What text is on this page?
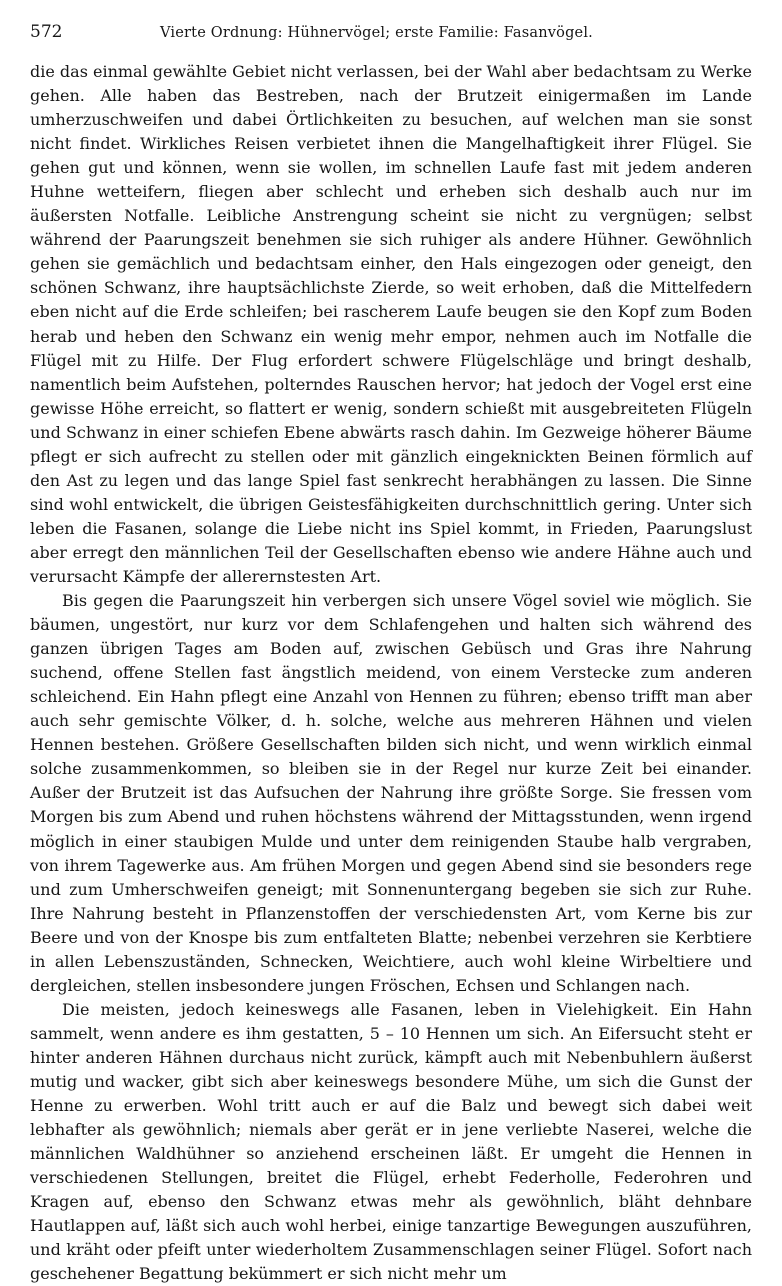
572	Vierte Ordnung: Hühnervögel; erste Familie: Fasanvögel.

die das einmal gewählte Gebiet nicht verlassen, bei der Wahl aber bedachtsam zu Werke gehen. Alle haben das Bestreben, nach der Brutzeit einigermaßen im Lande umherzuschweifen und dabei Örtlichkeiten zu besuchen, auf welchen man sie sonst nicht findet. Wirkliches Reisen verbietet ihnen die Mangelhaftigkeit ihrer Flügel. Sie gehen gut und können, wenn sie wollen, im schnellen Laufe fast mit jedem anderen Huhne wetteifern, fliegen aber schlecht und erheben sich deshalb auch nur im äußersten Notfalle. Leibliche Anstrengung scheint sie nicht zu vergnügen; selbst während der Paarungszeit benehmen sie sich ruhiger als andere Hühner. Gewöhnlich gehen sie gemächlich und bedachtsam einher, den Hals eingezogen oder geneigt, den schönen Schwanz, ihre hauptsächlichste Zierde, so weit erhoben, daß die Mittelfedern eben nicht auf die Erde schleifen; bei rascherem Laufe beugen sie den Kopf zum Boden herab und heben den Schwanz ein wenig mehr empor, nehmen auch im Notfalle die Flügel mit zu Hilfe. Der Flug erfordert schwere Flügelschläge und bringt deshalb, namentlich beim Aufstehen, polterndes Rauschen hervor; hat jedoch der Vogel erst eine gewisse Höhe erreicht, so flattert er wenig, sondern schießt mit ausgebreiteten Flügeln und Schwanz in einer schiefen Ebene abwärts rasch dahin. Im Gezweige höherer Bäume pflegt er sich aufrecht zu stellen oder mit gänzlich eingeknickten Beinen förmlich auf den Ast zu legen und das lange Spiel fast senkrecht herabhängen zu lassen. Die Sinne sind wohl entwickelt, die übrigen Geistesfähigkeiten durchschnittlich gering. Unter sich leben die Fasanen, solange die Liebe nicht ins Spiel kommt, in Frieden, Paarungslust aber erregt den männlichen Teil der Gesellschaften ebenso wie andere Hähne auch und verursacht Kämpfe der allerernstesten Art.

Bis gegen die Paarungszeit hin verbergen sich unsere Vögel soviel wie möglich. Sie bäumen, ungestört, nur kurz vor dem Schlafengehen und halten sich während des ganzen übrigen Tages am Boden auf, zwischen Gebüsch und Gras ihre Nahrung suchend, offene Stellen fast ängstlich meidend, von einem Verstecke zum anderen schleichend. Ein Hahn pflegt eine Anzahl von Hennen zu führen; ebenso trifft man aber auch sehr gemischte Völker, d. h. solche, welche aus mehreren Hähnen und vielen Hennen bestehen. Größere Gesellschaften bilden sich nicht, und wenn wirklich einmal solche zusammenkommen, so bleiben sie in der Regel nur kurze Zeit bei einander. Außer der Brutzeit ist das Aufsuchen der Nahrung ihre größte Sorge. Sie fressen vom Morgen bis zum Abend und ruhen höchstens während der Mittagsstunden, wenn irgend möglich in einer staubigen Mulde und unter dem reinigenden Staube halb vergraben, von ihrem Tagewerke aus. Am frühen Morgen und gegen Abend sind sie besonders rege und zum Umherschweifen geneigt; mit Sonnenuntergang begeben sie sich zur Ruhe. Ihre Nahrung besteht in Pflanzenstoffen der verschiedensten Art, vom Kerne bis zur Beere und von der Knospe bis zum entfalteten Blatte; nebenbei verzehren sie Kerbtiere in allen Lebenszuständen, Schnecken, Weichtiere, auch wohl kleine Wirbeltiere und dergleichen, stellen insbesondere jungen Fröschen, Echsen und Schlangen nach.

Die meisten, jedoch keineswegs alle Fasanen, leben in Vielehigkeit. Ein Hahn sammelt, wenn andere es ihm gestatten, 5 – 10 Hennen um sich. An Eifersucht steht er hinter anderen Hähnen durchaus nicht zurück, kämpft auch mit Nebenbuhlern äußerst mutig und wacker, gibt sich aber keineswegs besondere Mühe, um sich die Gunst der Henne zu erwerben. Wohl tritt auch er auf die Balz und bewegt sich dabei weit lebhafter als gewöhnlich; niemals aber gerät er in jene verliebte Naserei, welche die männlichen Waldhühner so anziehend erscheinen läßt. Er umgeht die Hennen in verschiedenen Stellungen, breitet die Flügel, erhebt Federholle, Federohren und Kragen auf, ebenso den Schwanz etwas mehr als gewöhnlich, bläht dehnbare Hautlappen auf, läßt sich auch wohl herbei, einige tanzartige Bewegungen auszuführen, und kräht oder pfeift unter wiederholtem Zusammenschlagen seiner Flügel. Sofort nach geschehener Begattung bekümmert er sich nicht mehr um
